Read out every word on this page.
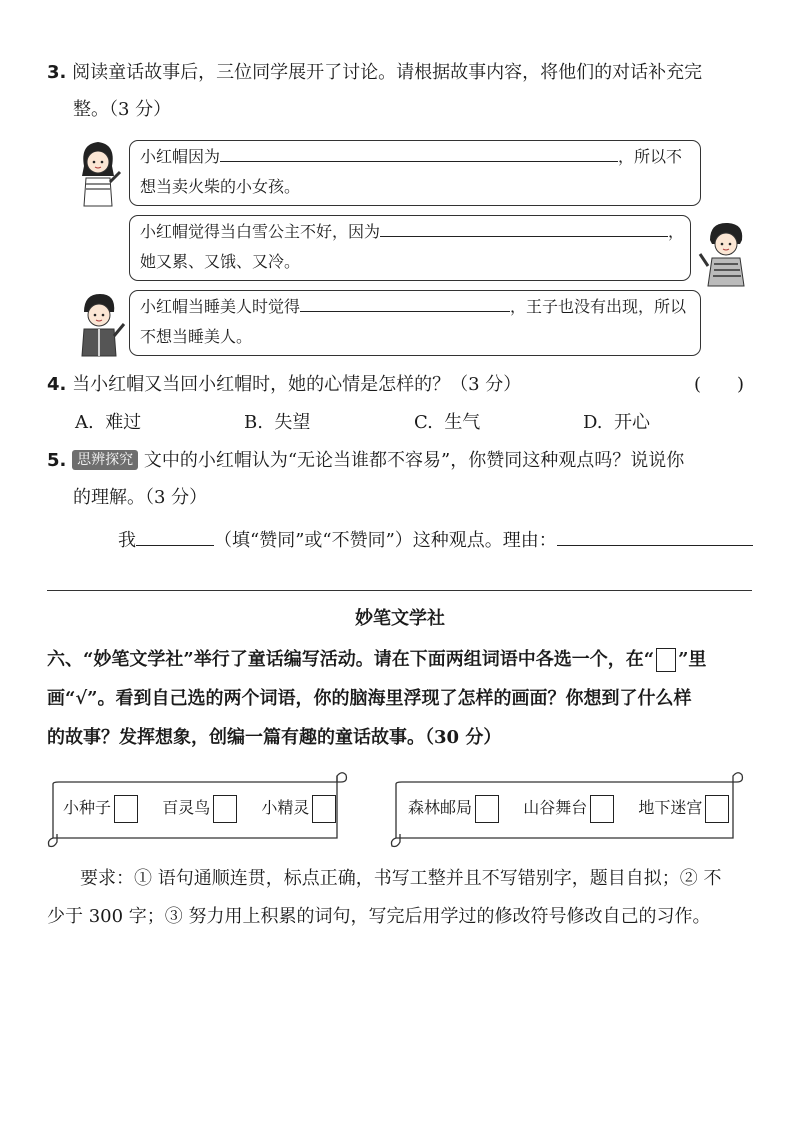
3. 阅读童话故事后，三位同学展开了讨论。请根据故事内容，将他们的对话补充完
整。（3 分）
小红帽因为	，所以不
想当卖火柴的小女孩。
小红帽觉得当白雪公主不好，因为	，
她又累、又饿、又冷。
小红帽当睡美人时觉得	，王子也没有出现，所以
不想当睡美人。
4. 当小红帽又当回小红帽时，她的心情是怎样的？（3 分）	(　　)
A. 难过	B. 失望	C. 生气	D. 开心
5. 思辨探究 文中的小红帽认为“无论当谁都不容易”，你赞同这种观点吗？说说你
的理解。（3 分）
我	（填“赞同”或“不赞同”）这种观点。理由：
妙笔文学社
六、“妙笔文学社”举行了童话编写活动。请在下面两组词语中各选一个，在“ ”里
画“√”。看到自己选的两个词语，你的脑海里浮现了怎样的画面？你想到了什么样
的故事？发挥想象，创编一篇有趣的童话故事。（30 分）
小种子	百灵鸟	小精灵	森林邮局	山谷舞台	地下迷宫
要求：① 语句通顺连贯，标点正确，书写工整并且不写错别字，题目自拟；② 不
少于 300 字；③ 努力用上积累的词句，写完后用学过的修改符号修改自己的习作。
